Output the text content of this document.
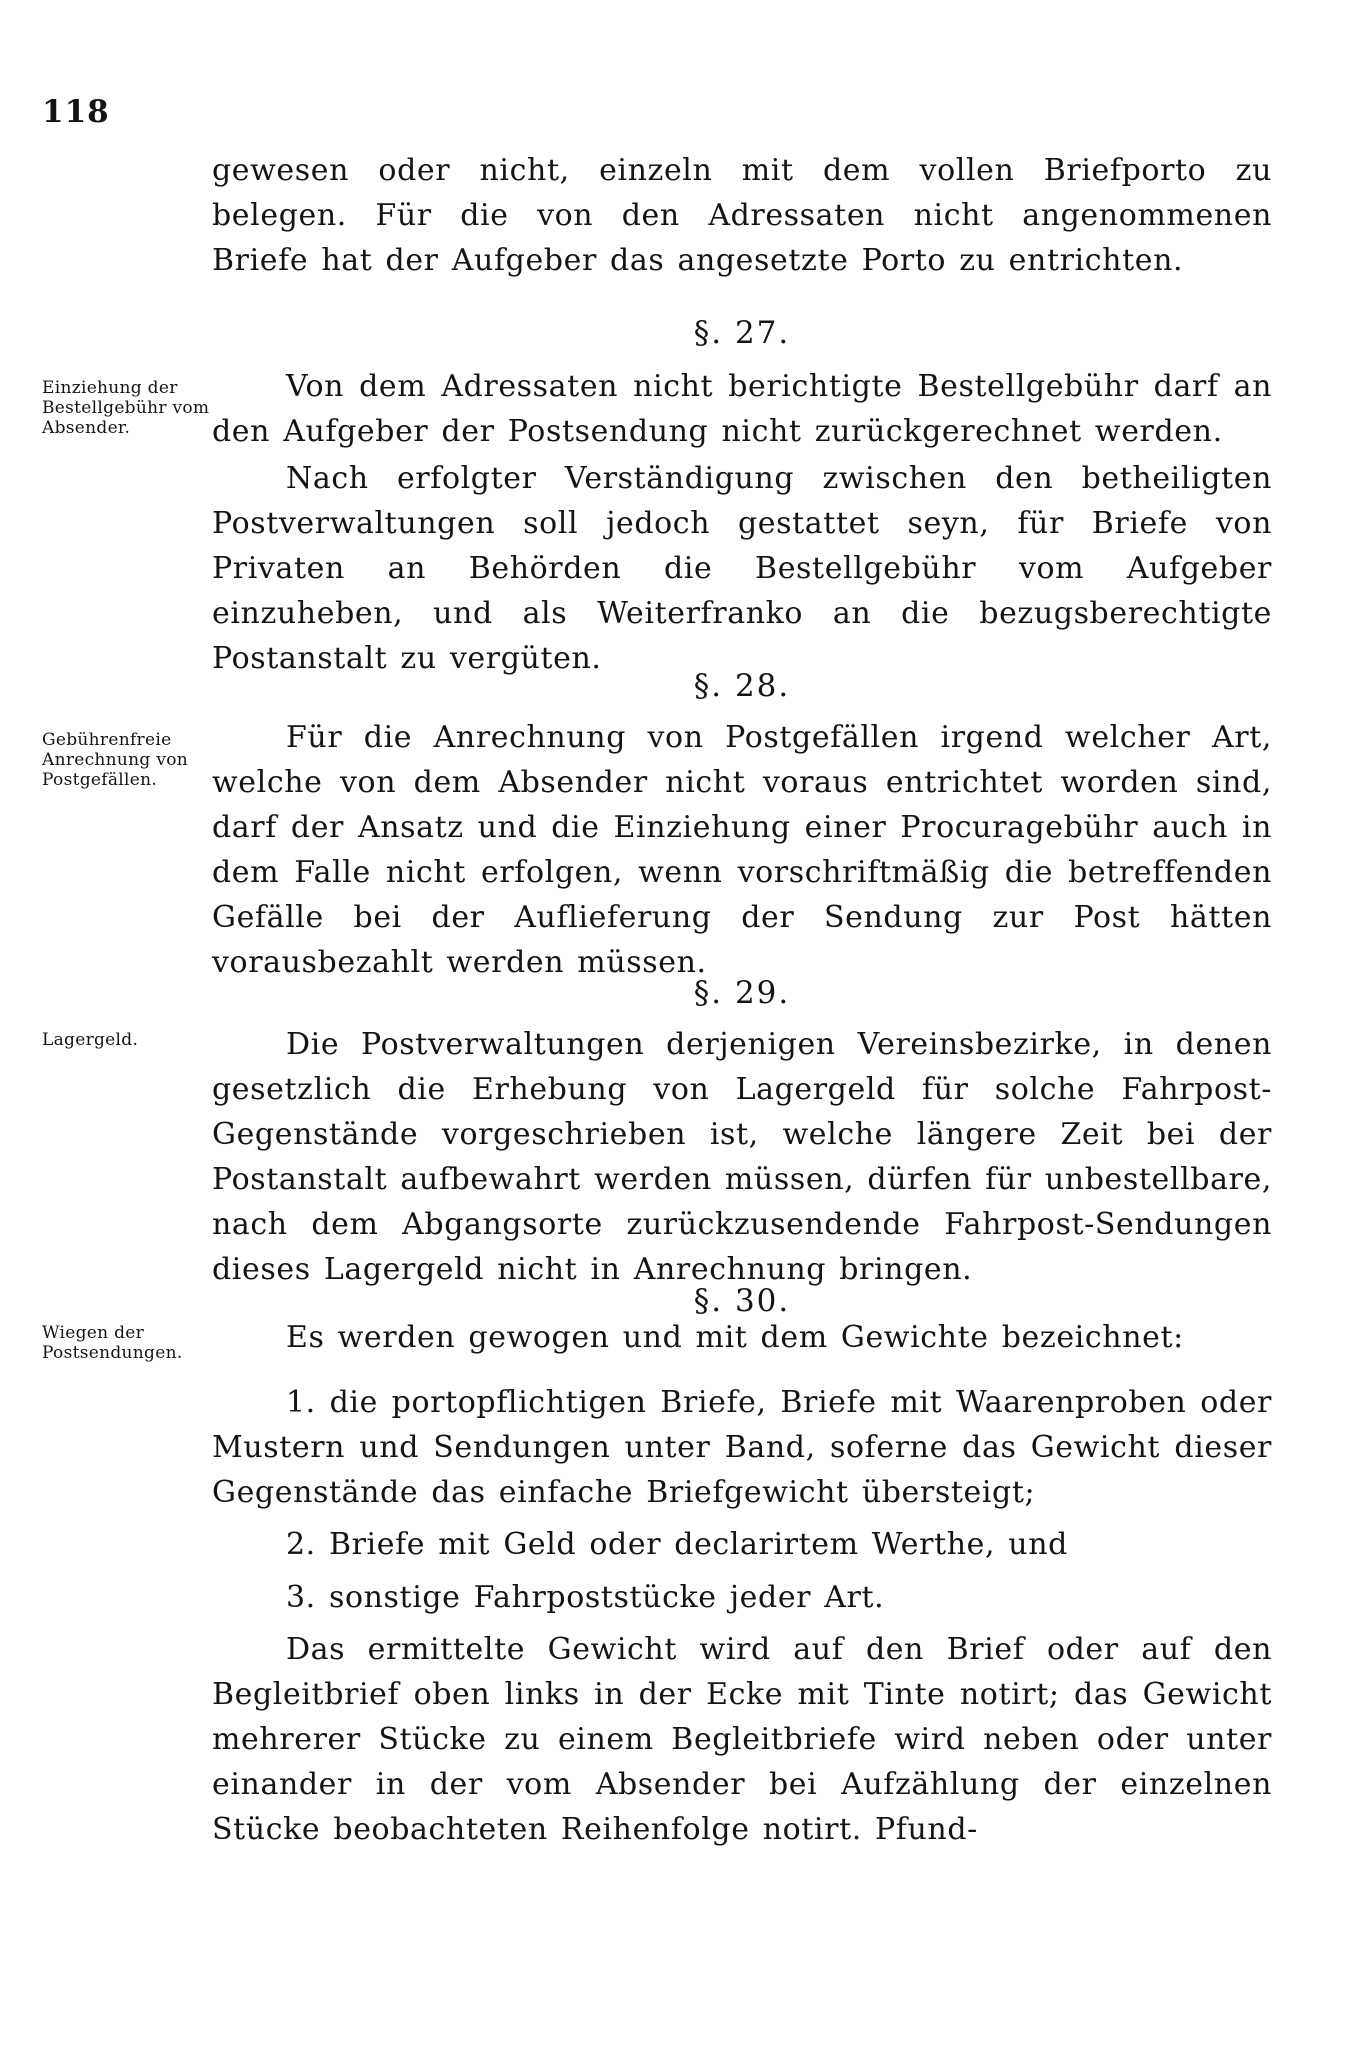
118

gewesen oder nicht, einzeln mit dem vollen Briefporto zu belegen. Für die von den Adressaten nicht angenommenen Briefe hat der Aufgeber das angesetzte Porto zu entrichten.

§. 27.
Einziehung der Bestellgebühr vom Absender.

Von dem Adressaten nicht berichtigte Bestellgebühr darf an den Aufgeber der Postsendung nicht zurückgerechnet werden.

Nach erfolgter Verständigung zwischen den betheiligten Postverwaltungen soll jedoch gestattet seyn, für Briefe von Privaten an Behörden die Bestellgebühr vom Aufgeber einzuheben, und als Weiterfranko an die bezugsberechtigte Postanstalt zu vergüten.

§. 28.
Gebührenfreie Anrechnung von Postgefällen.

Für die Anrechnung von Postgefällen irgend welcher Art, welche von dem Absender nicht voraus entrichtet worden sind, darf der Ansatz und die Einziehung einer Procuragebühr auch in dem Falle nicht erfolgen, wenn vorschriftmäßig die betreffenden Gefälle bei der Auflieferung der Sendung zur Post hätten vorausbezahlt werden müssen.

§. 29.
Lagergeld.	Die Postverwaltungen derjenigen Vereinsbezirke, in denen gesetzlich die Erhebung von Lagergeld für solche Fahrpost-Gegenstände vorgeschrieben ist, welche längere Zeit bei der Postanstalt aufbewahrt werden müssen, dürfen für unbestellbare, nach dem Abgangsorte zurückzusendende Fahrpost-Sendungen dieses Lagergeld nicht in Anrechnung bringen.

§. 30.
Wiegen der Postsendungen.	Es werden gewogen und mit dem Gewichte bezeichnet:

1. die portopflichtigen Briefe, Briefe mit Waarenproben oder Mustern und Sendungen unter Band, soferne das Gewicht dieser Gegenstände das einfache Briefgewicht übersteigt;

2. Briefe mit Geld oder declarirtem Werthe, und

3. sonstige Fahrpoststücke jeder Art.

Das ermittelte Gewicht wird auf den Brief oder auf den Begleitbrief oben links in der Ecke mit Tinte notirt; das Gewicht mehrerer Stücke zu einem Begleitbriefe wird neben oder unter einander in der vom Absender bei Aufzählung der einzelnen Stücke beobachteten Reihenfolge notirt. Pfund-
